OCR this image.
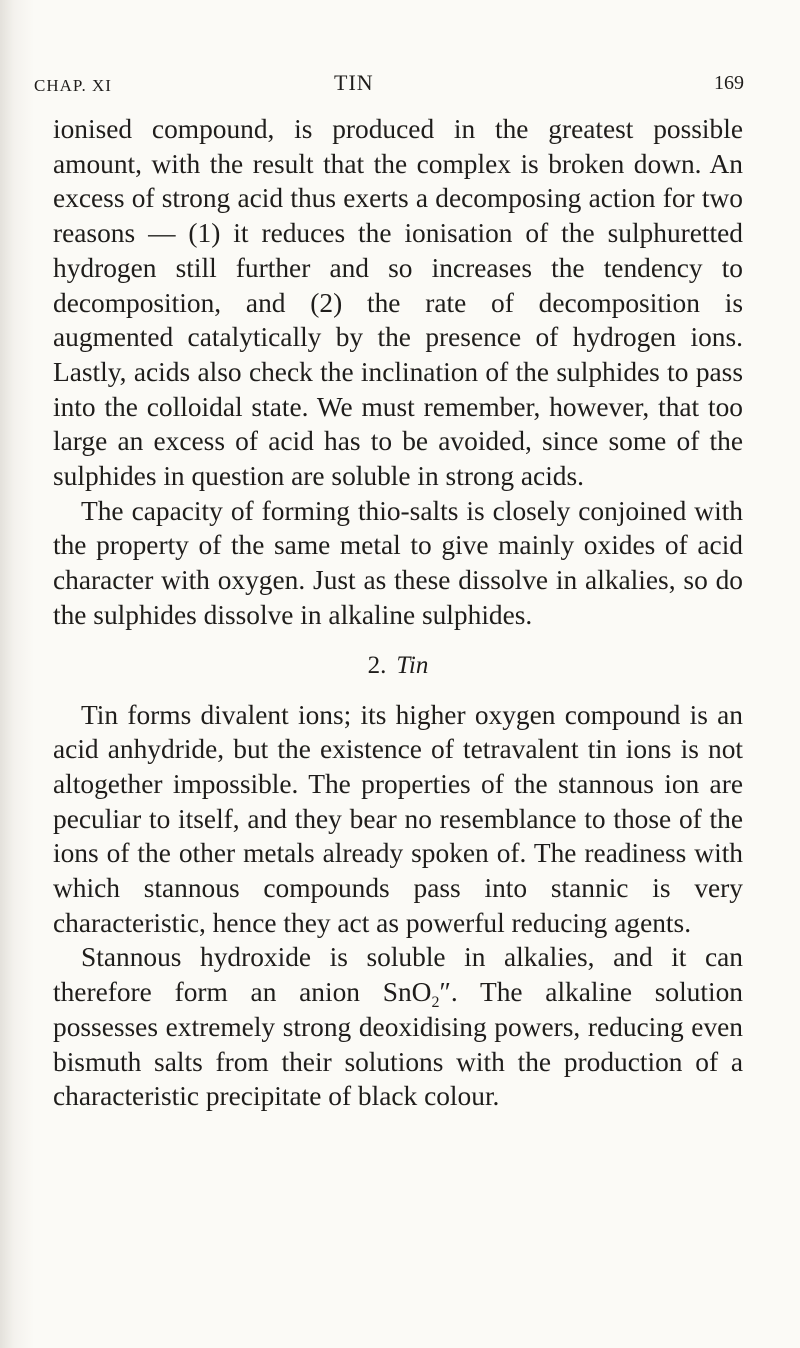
CHAP. XI	TIN	169

ionised compound, is produced in the greatest possible amount, with the result that the complex is broken down. An excess of strong acid thus exerts a decomposing action for two reasons — (1) it reduces the ionisation of the sulphuretted hydrogen still further and so increases the tendency to decomposition, and (2) the rate of decomposition is augmented catalytically by the presence of hydrogen ions. Lastly, acids also check the inclination of the sulphides to pass into the colloidal state. We must remember, however, that too large an excess of acid has to be avoided, since some of the sulphides in question are soluble in strong acids.

The capacity of forming thio-salts is closely conjoined with the property of the same metal to give mainly oxides of acid character with oxygen. Just as these dissolve in alkalies, so do the sulphides dissolve in alkaline sulphides.

2. Tin

Tin forms divalent ions; its higher oxygen compound is an acid anhydride, but the existence of tetravalent tin ions is not altogether impossible. The properties of the stannous ion are peculiar to itself, and they bear no resemblance to those of the ions of the other metals already spoken of. The readiness with which stannous compounds pass into stannic is very characteristic, hence they act as powerful reducing agents.

Stannous hydroxide is soluble in alkalies, and it can therefore form an anion SnO$_2$″. The alkaline solution possesses extremely strong deoxidising powers, reducing even bismuth salts from their solutions with the production of a characteristic precipitate of black colour.
